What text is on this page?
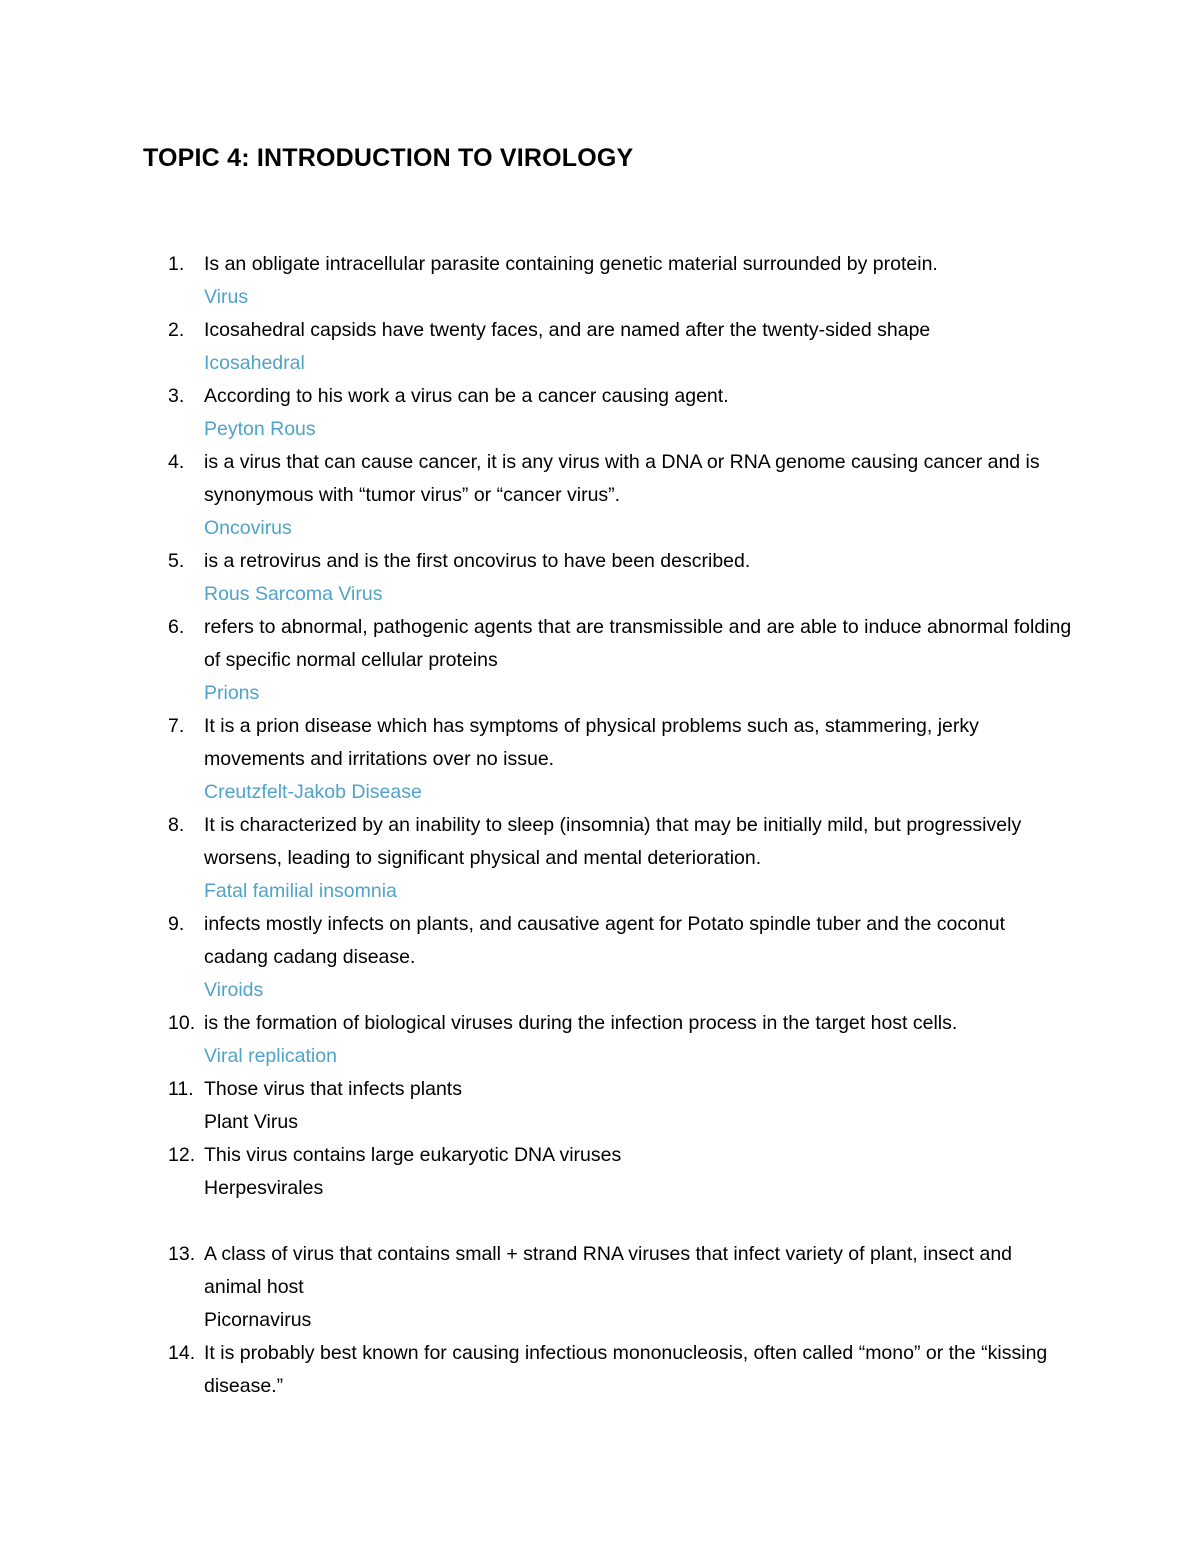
TOPIC 4: INTRODUCTION TO VIROLOGY
1. Is an obligate intracellular parasite containing genetic material surrounded by protein.
Virus
2. Icosahedral capsids have twenty faces, and are named after the twenty-sided shape
Icosahedral
3. According to his work a virus can be a cancer causing agent.
Peyton Rous
4. is a virus that can cause cancer, it is any virus with a DNA or RNA genome causing cancer and is synonymous with “tumor virus” or “cancer virus”.
Oncovirus
5. is a retrovirus and is the first oncovirus to have been described.
Rous Sarcoma Virus
6. refers to abnormal, pathogenic agents that are transmissible and are able to induce abnormal folding of specific normal cellular proteins
Prions
7. It is a prion disease which has symptoms of physical problems such as, stammering, jerky movements and irritations over no issue.
Creutzfelt-Jakob Disease
8. It is characterized by an inability to sleep (insomnia) that may be initially mild, but progressively worsens, leading to significant physical and mental deterioration.
Fatal familial insomnia
9. infects mostly infects on plants, and causative agent for Potato spindle tuber and the coconut cadang cadang disease.
Viroids
10. is the formation of biological viruses during the infection process in the target host cells.
Viral replication
11. Those virus that infects plants
Plant Virus
12. This virus contains large eukaryotic DNA viruses
Herpesvirales
13. A class of virus that contains small + strand RNA viruses that infect variety of plant, insect and animal host
Picornavirus
14. It is probably best known for causing infectious mononucleosis, often called “mono” or the “kissing disease.”
